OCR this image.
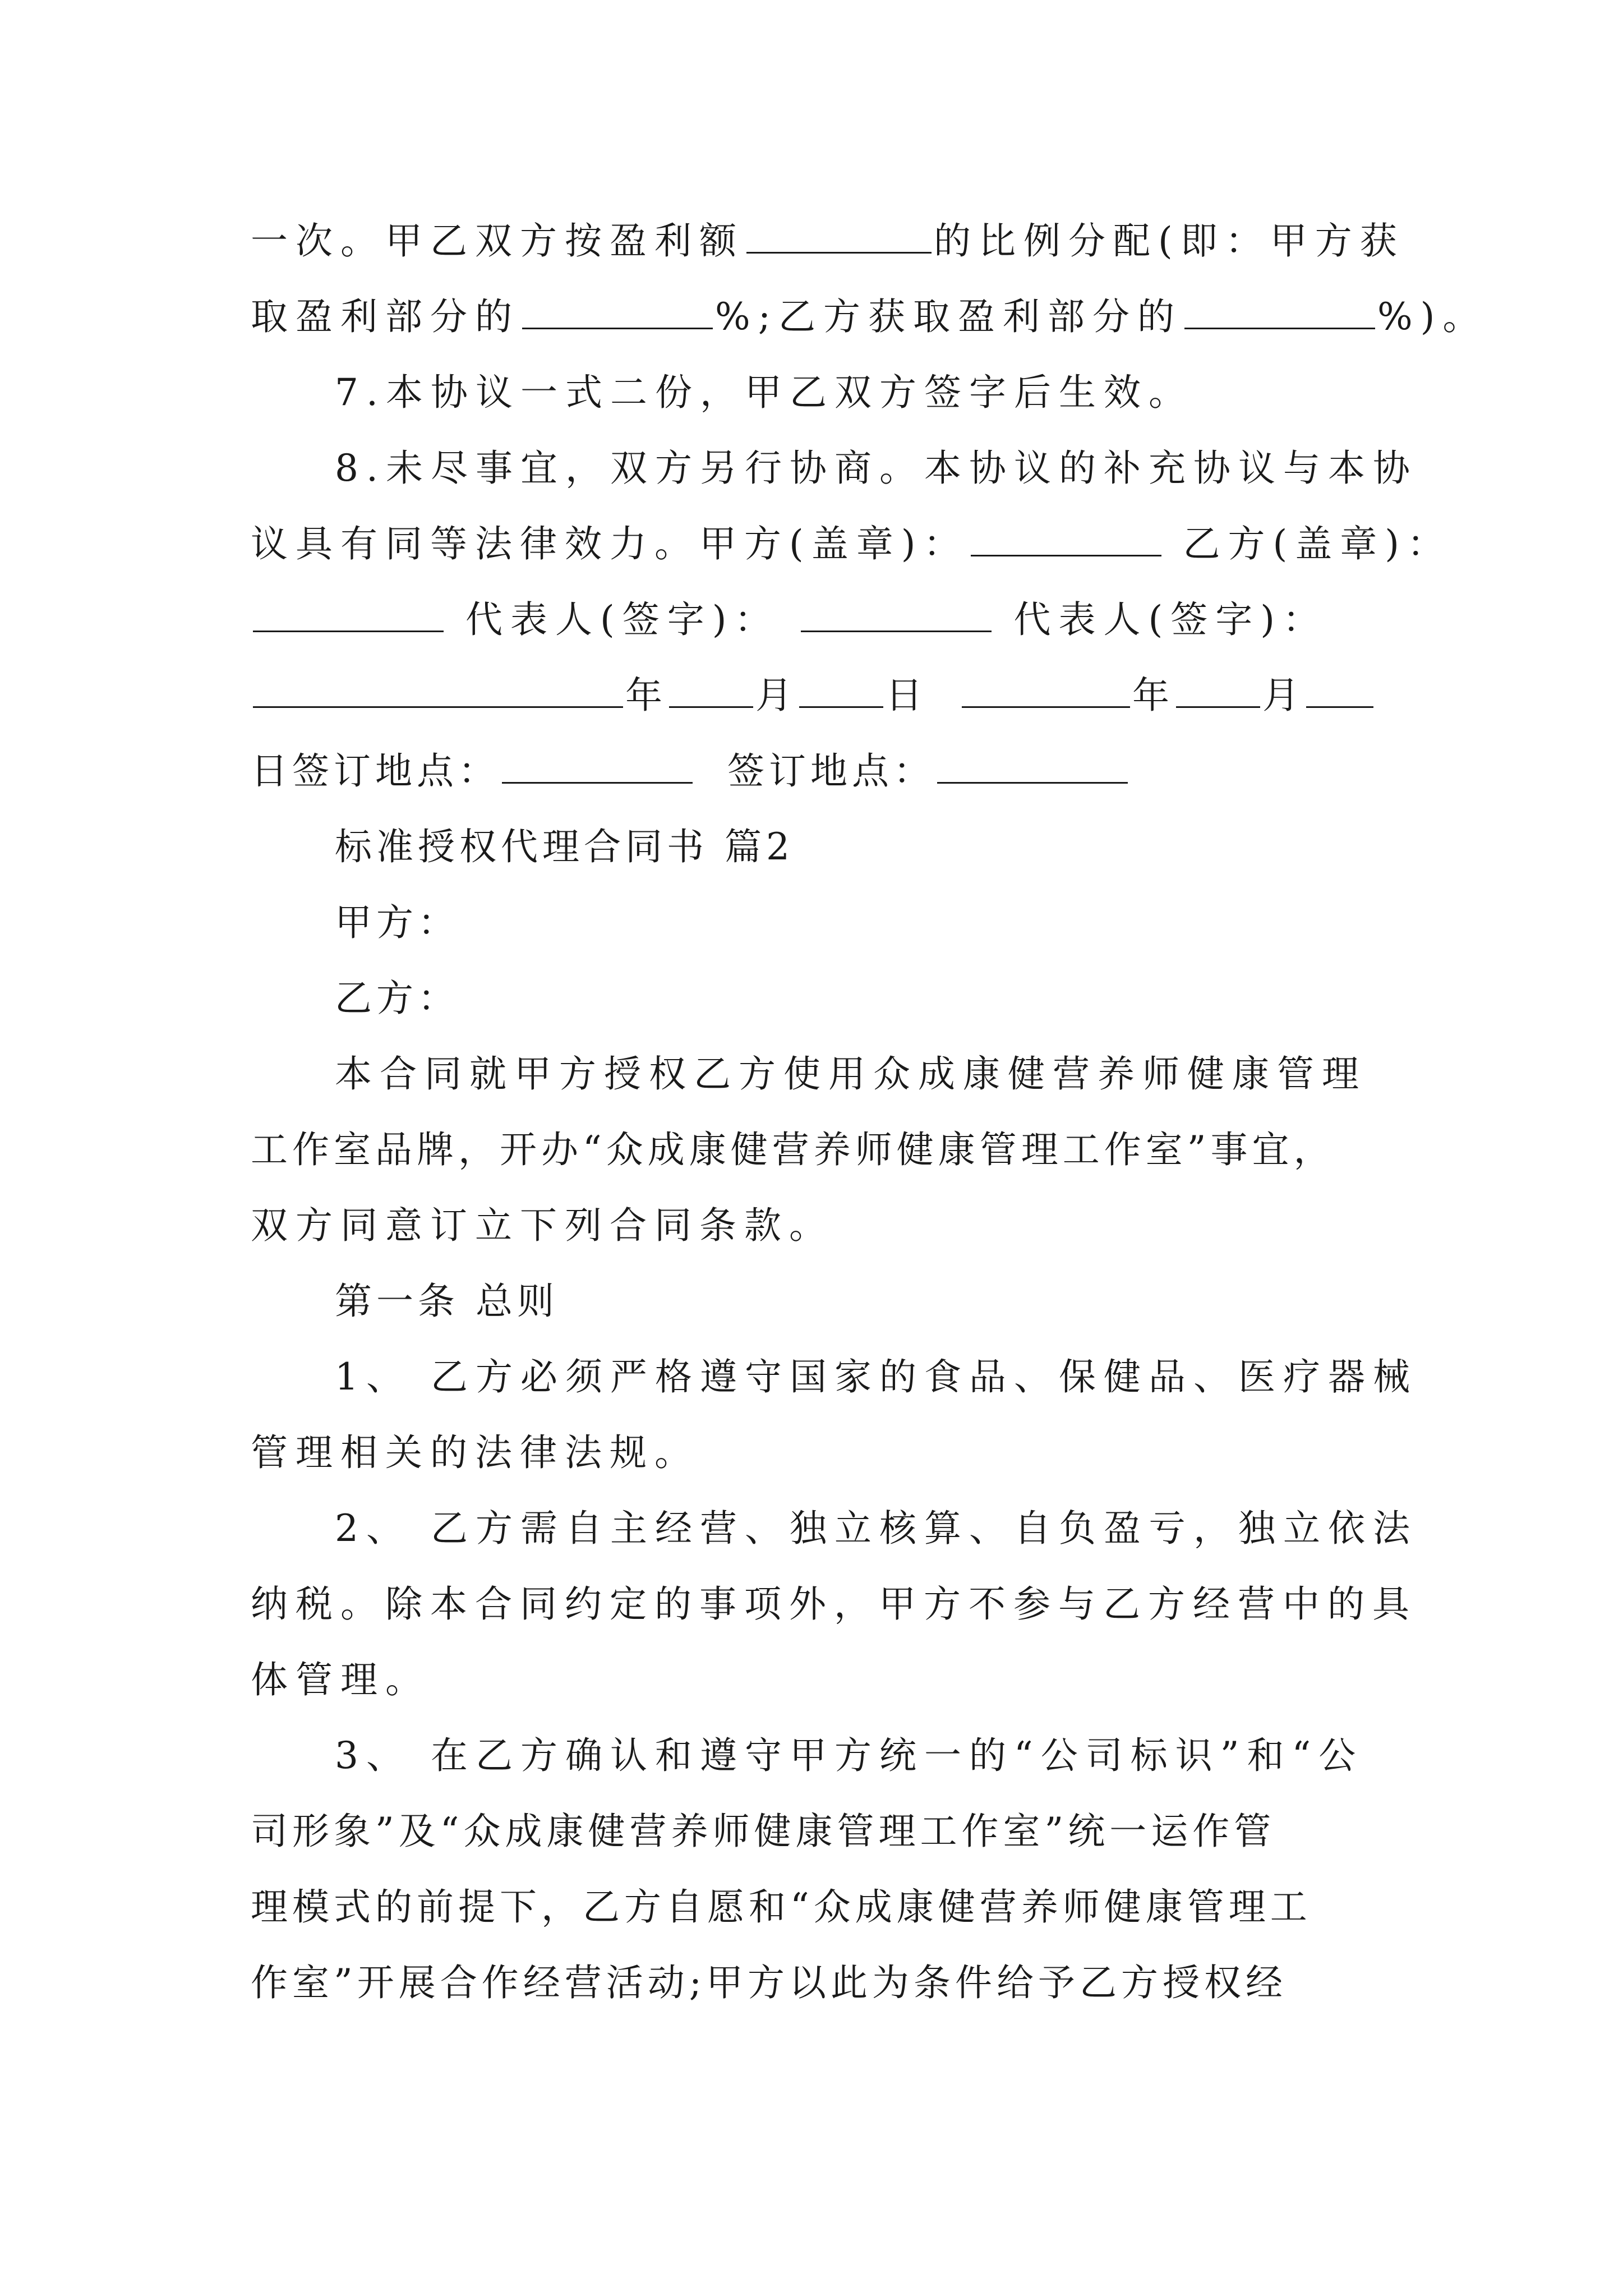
一次。甲乙双方按盈利额	的比例分配(即：甲方获
取盈利部分的	%;乙方获取盈利部分的	%)。
7.本协议一式二份，甲乙双方签字后生效。
8.未尽事宜，双方另行协商。本协议的补充协议与本协
议具有同等法律效力。甲方(盖章)：	乙方(盖章)：
代表人(签字)：	代表人(签字)：
年 月 日	年 月
日签订地点：	签订地点：
标准授权代理合同书 篇2
甲方：
乙方：
本合同就甲方授权乙方使用众成康健营养师健康管理
工作室品牌，开办“众成康健营养师健康管理工作室”事宜，
双方同意订立下列合同条款。
第一条 总则
1、 乙方必须严格遵守国家的食品、保健品、医疗器械
管理相关的法律法规。
2、 乙方需自主经营、独立核算、自负盈亏，独立依法
纳税。除本合同约定的事项外，甲方不参与乙方经营中的具
体管理。
3、 在乙方确认和遵守甲方统一的“公司标识”和“公
司形象”及“众成康健营养师健康管理工作室”统一运作管
理模式的前提下，乙方自愿和“众成康健营养师健康管理工
作室”开展合作经营活动;甲方以此为条件给予乙方授权经
